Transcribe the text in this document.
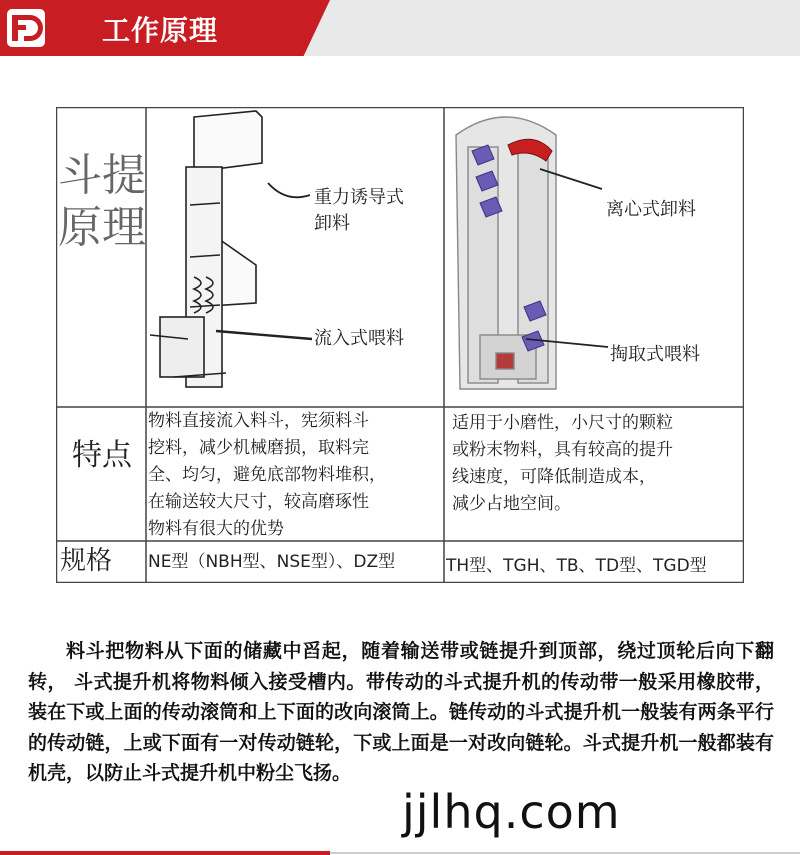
工作原理
斗提原理
特点
规格
重力诱导式
卸料
流入式喂料
离心式卸料
掏取式喂料
物料直接流入料斗，宪须料斗
挖料，减少机械磨损，取料完
全、均匀，避免底部物料堆积，
在输送较大尺寸，较高磨琢性
物料有很大的优势
适用于小磨性，小尺寸的颗粒
或粉末物料，具有较高的提升
线速度，可降低制造成本，
减少占地空间。
NE型（NBH型、NSE型）、DZ型	TH型、TGH、TB、TD型、TGD型
料斗把物料从下面的储藏中舀起，随着输送带或链提升到顶部，绕过顶轮后向下翻转， 斗式提升机将物料倾入接受槽内。带传动的斗式提升机的传动带一般采用橡胶带，装在下或上面的传动滚筒和上下面的改向滚筒上。链传动的斗式提升机一般装有两条平行的传动链，上或下面有一对传动链轮，下或上面是一对改向链轮。斗式提升机一般都装有机壳，以防止斗式提升机中粉尘飞扬。
jjlhq.com
